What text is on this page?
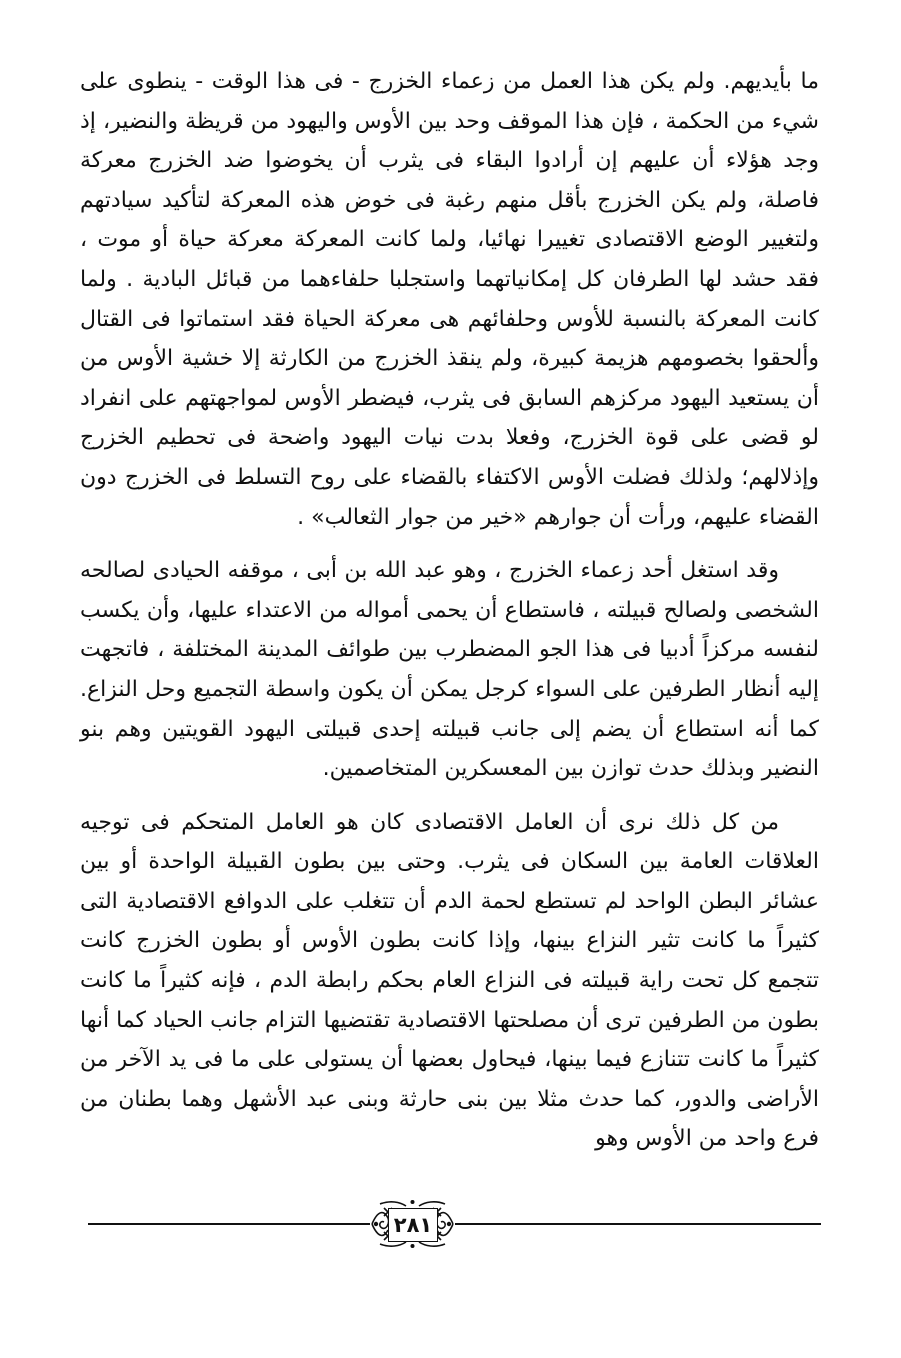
ما بأيديهم. ولم يكن هذا العمل من زعماء الخزرج - فى هذا الوقت - ينطوى على شيء من الحكمة ، فإن هذا الموقف وحد بين الأوس واليهود من قريظة والنضير، إذ وجد هؤلاء أن عليهم إن أرادوا البقاء فى يثرب أن يخوضوا ضد الخزرج معركة فاصلة، ولم يكن الخزرج بأقل منهم رغبة فى خوض هذه المعركة لتأكيد سيادتهم ولتغيير الوضع الاقتصادى تغييرا نهائيا، ولما كانت المعركة معركة حياة أو موت ، فقد حشد لها الطرفان كل إمكانياتهما واستجلبا حلفاءهما من قبائل البادية . ولما كانت المعركة بالنسبة للأوس وحلفائهم هى معركة الحياة فقد استماتوا فى القتال وألحقوا بخصومهم هزيمة كبيرة، ولم ينقذ الخزرج من الكارثة إلا خشية الأوس من أن يستعيد اليهود مركزهم السابق فى يثرب، فيضطر الأوس لمواجهتهم على انفراد لو قضى على قوة الخزرج، وفعلا بدت نيات اليهود واضحة فى تحطيم الخزرج وإذلالهم؛ ولذلك فضلت الأوس الاكتفاء بالقضاء على روح التسلط فى الخزرج دون القضاء عليهم، ورأت أن جوارهم «خير من جوار الثعالب» .

وقد استغل أحد زعماء الخزرج ، وهو عبد الله بن أبى ، موقفه الحيادى لصالحه الشخصى ولصالح قبيلته ، فاستطاع أن يحمى أمواله من الاعتداء عليها، وأن يكسب لنفسه مركزاً أدبيا فى هذا الجو المضطرب بين طوائف المدينة المختلفة ، فاتجهت إليه أنظار الطرفين على السواء كرجل يمكن أن يكون واسطة التجميع وحل النزاع. كما أنه استطاع أن يضم إلى جانب قبيلته إحدى قبيلتى اليهود القويتين وهم بنو النضير وبذلك حدث توازن بين المعسكرين المتخاصمين.

من كل ذلك نرى أن العامل الاقتصادى كان هو العامل المتحكم فى توجيه العلاقات العامة بين السكان فى يثرب. وحتى بين بطون القبيلة الواحدة أو بين عشائر البطن الواحد لم تستطع لحمة الدم أن تتغلب على الدوافع الاقتصادية التى كثيراً ما كانت تثير النزاع بينها، وإذا كانت بطون الأوس أو بطون الخزرج كانت تتجمع كل تحت راية قبيلته فى النزاع العام بحكم رابطة الدم ، فإنه كثيراً ما كانت بطون من الطرفين ترى أن مصلحتها الاقتصادية تقتضيها التزام جانب الحياد كما أنها كثيراً ما كانت تتنازع فيما بينها، فيحاول بعضها أن يستولى على ما فى يد الآخر من الأراضى والدور، كما حدث مثلا بين بنى حارثة وبنى عبد الأشهل وهما بطنان من فرع واحد من الأوس وهو

٢٨١
